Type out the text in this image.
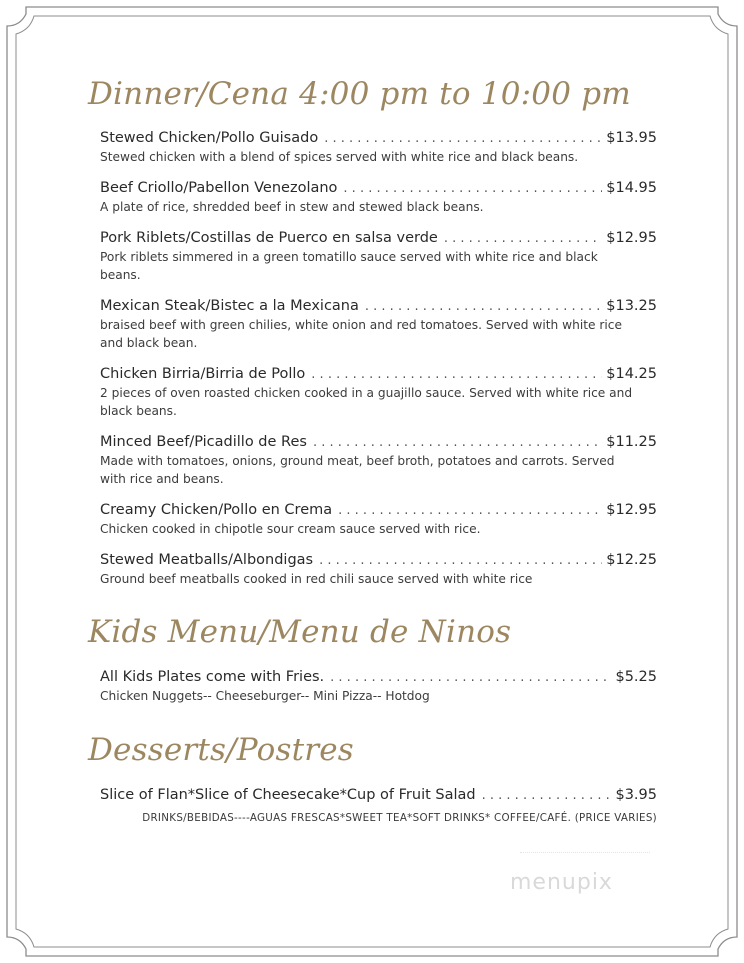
Dinner/Cena 4:00 pm to 10:00 pm
Stewed Chicken/Pollo Guisado . . .	$13.95
Stewed chicken with a blend of spices served with white rice and black beans.
Beef Criollo/Pabellon Venezolano . . .	$14.95
A plate of rice, shredded beef in stew and stewed black beans.
Pork Riblets/Costillas de Puerco en salsa verde . . .	$12.95
Pork riblets simmered in a green tomatillo sauce served with white rice and black beans.
Mexican Steak/Bistec a la Mexicana . . .	$13.25
braised beef with green chilies, white onion and red tomatoes. Served with white rice and black bean.
Chicken Birria/Birria de Pollo . . .	$14.25
2 pieces of oven roasted chicken cooked in a guajillo sauce. Served with white rice and black beans.
Minced Beef/Picadillo de Res . . .	$11.25
Made with tomatoes, onions, ground meat, beef broth, potatoes and carrots. Served with rice and beans.
Creamy Chicken/Pollo en Crema . . .	$12.95
Chicken cooked in chipotle sour cream sauce served with rice.
Stewed Meatballs/Albondigas . . .	$12.25
Ground beef meatballs cooked in red chili sauce served with white rice
Kids Menu/Menu de Ninos
All Kids Plates come with Fries. . . .	$5.25
Chicken Nuggets-- Cheeseburger-- Mini Pizza-- Hotdog
Desserts/Postres
Slice of Flan*Slice of Cheesecake*Cup of Fruit Salad . . .	$3.95
DRINKS/BEBIDAS----AGUAS FRESCAS*SWEET TEA*SOFT DRINKS* COFFEE/CAFÉ. (PRICE VARIES)
menupix
